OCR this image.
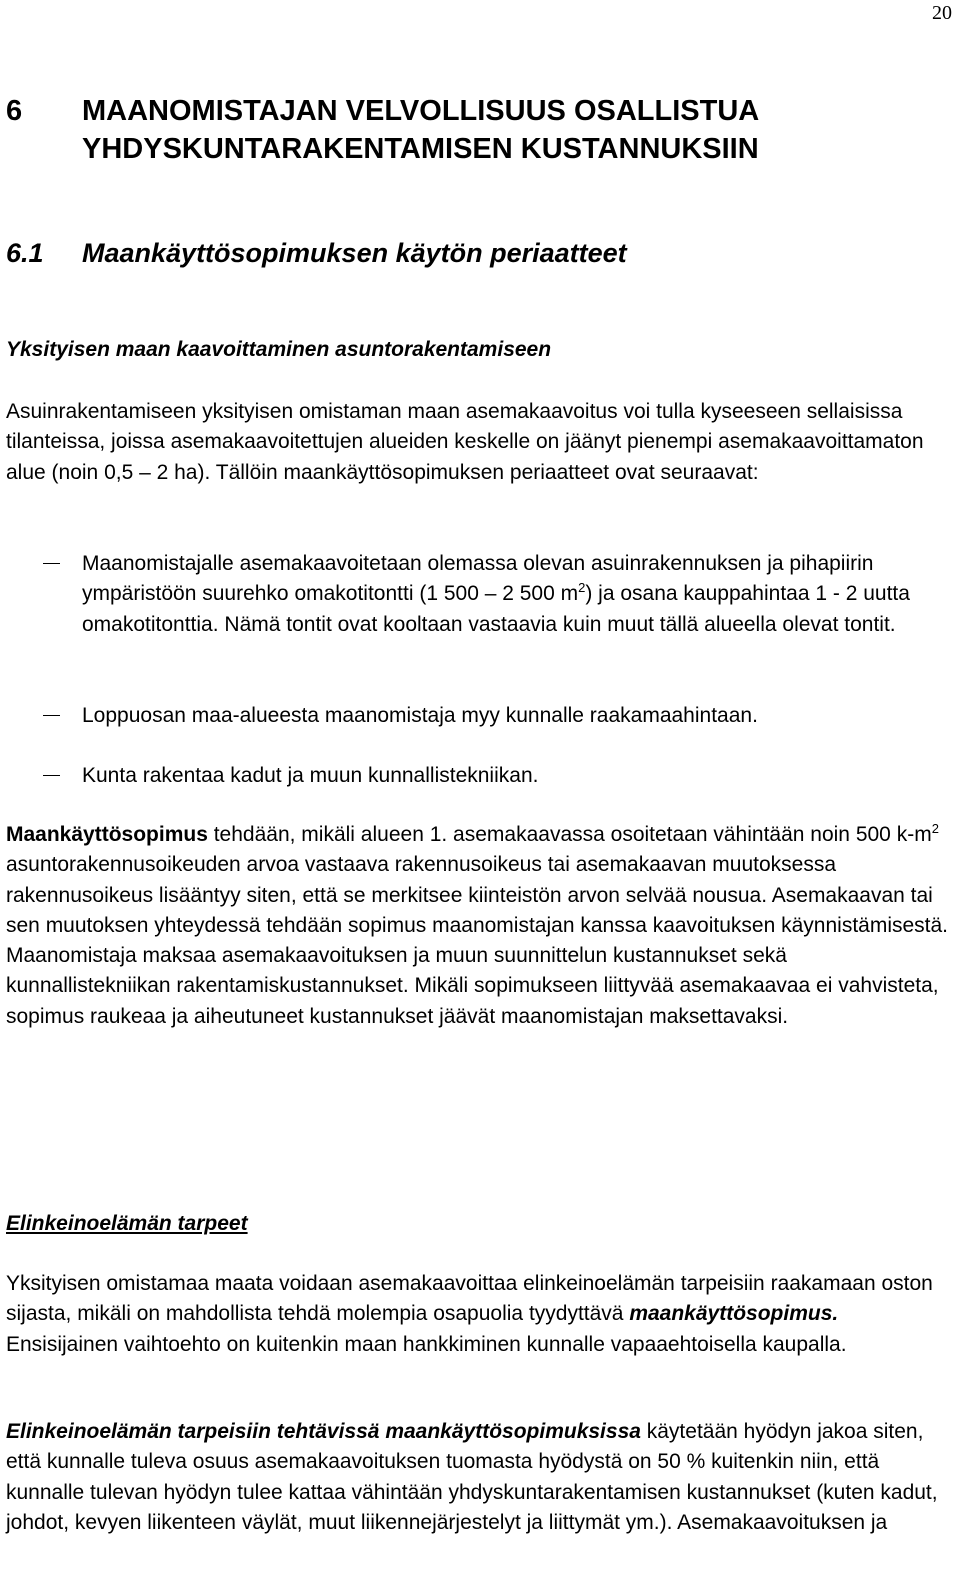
20
6	MAANOMISTAJAN VELVOLLISUUS OSALLISTUA
YHDYSKUNTARAKENTAMISEN KUSTANNUKSIIN
6.1	Maankäyttösopimuksen käytön periaatteet
Yksityisen maan kaavoittaminen asuntorakentamiseen

Asuinrakentamiseen yksityisen omistaman maan asemakaavoitus voi tulla kyseeseen sellaisissa tilanteissa, joissa asemakaavoitettujen alueiden keskelle on jäänyt pienempi asemakaavoittamaton alue (noin 0,5 – 2 ha). Tällöin maankäyttösopimuksen periaatteet ovat seuraavat:

Maanomistajalle asemakaavoitetaan olemassa olevan asuinrakennuksen ja pihapiirin ympäristöön suurehko omakotitontti (1 500 – 2 500 $m^2$) ja osana kauppahintaa 1 - 2 uutta omakotitonttia. Nämä tontit ovat kooltaan vastaavia kuin muut tällä alueella olevat tontit.
Loppuosan maa-alueesta maanomistaja myy kunnalle raakamaahintaan.
Kunta rakentaa kadut ja muun kunnallistekniikan.

Maankäyttösopimus tehdään, mikäli alueen 1. asemakaavassa osoitetaan vähintään noin 500 $k-m^2$ asuntorakennusoikeuden arvoa vastaava rakennusoikeus tai asemakaavan muutoksessa rakennusoikeus lisääntyy siten, että se merkitsee kiinteistön arvon selvää nousua. Asemakaavan tai sen muutoksen yhteydessä tehdään sopimus maanomistajan kanssa kaavoituksen käynnistämisestä. Maanomistaja maksaa asemakaavoituksen ja muun suunnittelun kustannukset sekä kunnallistekniikan rakentamiskustannukset. Mikäli sopimukseen liittyvää asemakaavaa ei vahvisteta, sopimus raukeaa ja aiheutuneet kustannukset jäävät maanomistajan maksettavaksi.

Elinkeinoelämän tarpeet

Yksityisen omistamaa maata voidaan asemakaavoittaa elinkeinoelämän tarpeisiin raakamaan oston sijasta, mikäli on mahdollista tehdä molempia osapuolia tyydyttävä maankäyttösopimus. Ensisijainen vaihtoehto on kuitenkin maan hankkiminen kunnalle vapaaehtoisella kaupalla.

Elinkeinoelämän tarpeisiin tehtävissä maankäyttösopimuksissa käytetään hyödyn jakoa siten, että kunnalle tuleva osuus asemakaavoituksen tuomasta hyödystä on 50 % kuitenkin niin, että kunnalle tulevan hyödyn tulee kattaa vähintään yhdyskuntarakentamisen kustannukset (kuten kadut, johdot, kevyen liikenteen väylät, muut liikennejärjestelyt ja liittymät ym.). Asemakaavoituksen ja
